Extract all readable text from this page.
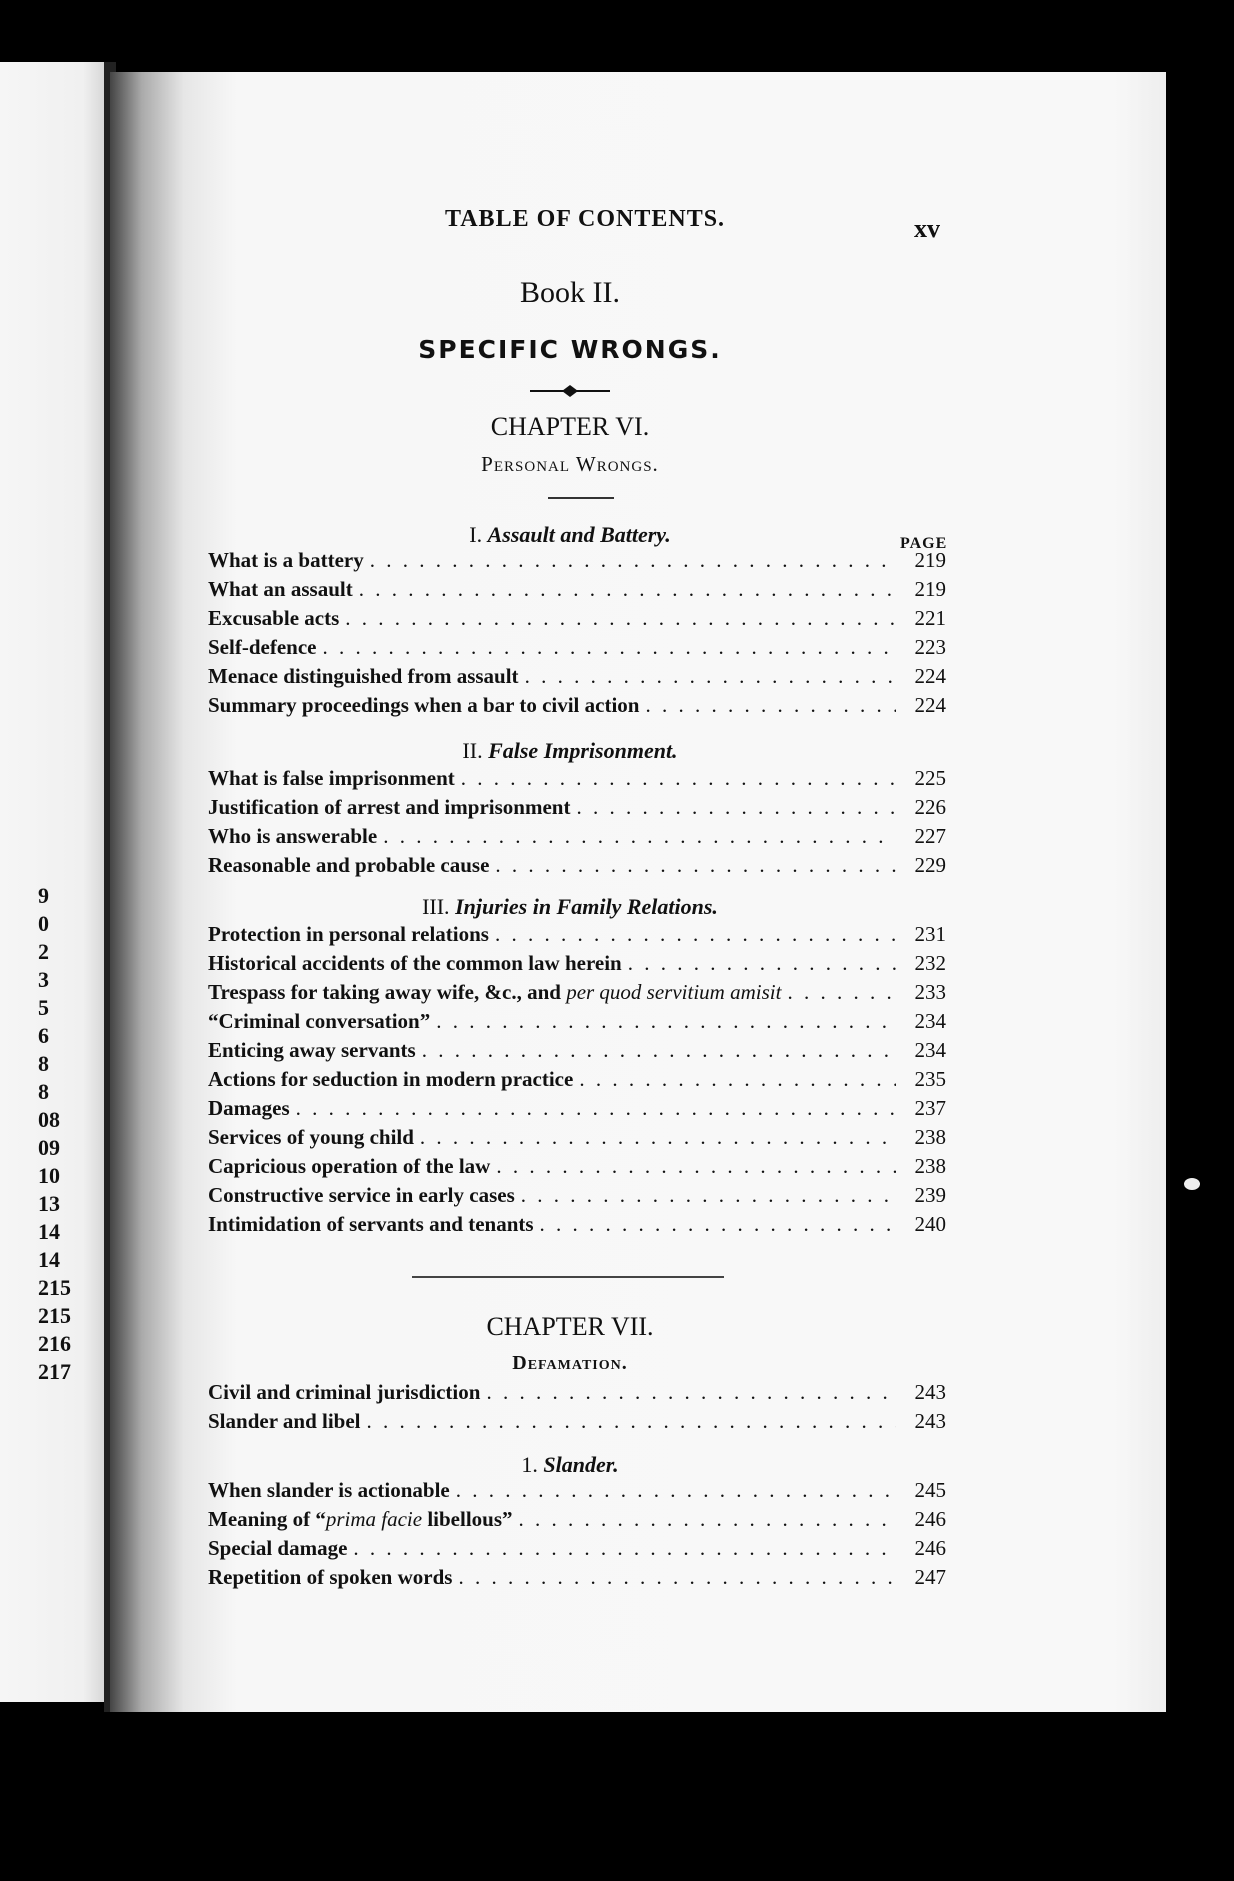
9
0
2
3
5
6
8
8
08
09
10
13
14
14
215
215
216
217
TABLE OF CONTENTS.	xv
Book II.
SPECIFIC WRONGS.
CHAPTER VI.
Personal Wrongs.
PAGE
I. Assault and Battery.
What is a battery . . .	219
What an assault . . .	219
Excusable acts . . .	221
Self-defence . . .	223
Menace distinguished from assault . . .	224
Summary proceedings when a bar to civil action . . .	224
II. False Imprisonment.
What is false imprisonment . . .	225
Justification of arrest and imprisonment . . .	226
Who is answerable . . .	227
Reasonable and probable cause . . .	229
III. Injuries in Family Relations.
Protection in personal relations . . .	231
Historical accidents of the common law herein . . .	232
Trespass for taking away wife, &c., and per quod servitium amisit . . .	233
“Criminal conversation” . . .	234
Enticing away servants . . .	234
Actions for seduction in modern practice . . .	235
Damages . . .	237
Services of young child . . .	238
Capricious operation of the law . . .	238
Constructive service in early cases . . .	239
Intimidation of servants and tenants . . .	240
CHAPTER VII.
Defamation.
Civil and criminal jurisdiction . . .	243
Slander and libel . . .	243
1. Slander.
When slander is actionable . . .	245
Meaning of “prima facie libellous” . . .	246
Special damage . . .	246
Repetition of spoken words . . .	247
